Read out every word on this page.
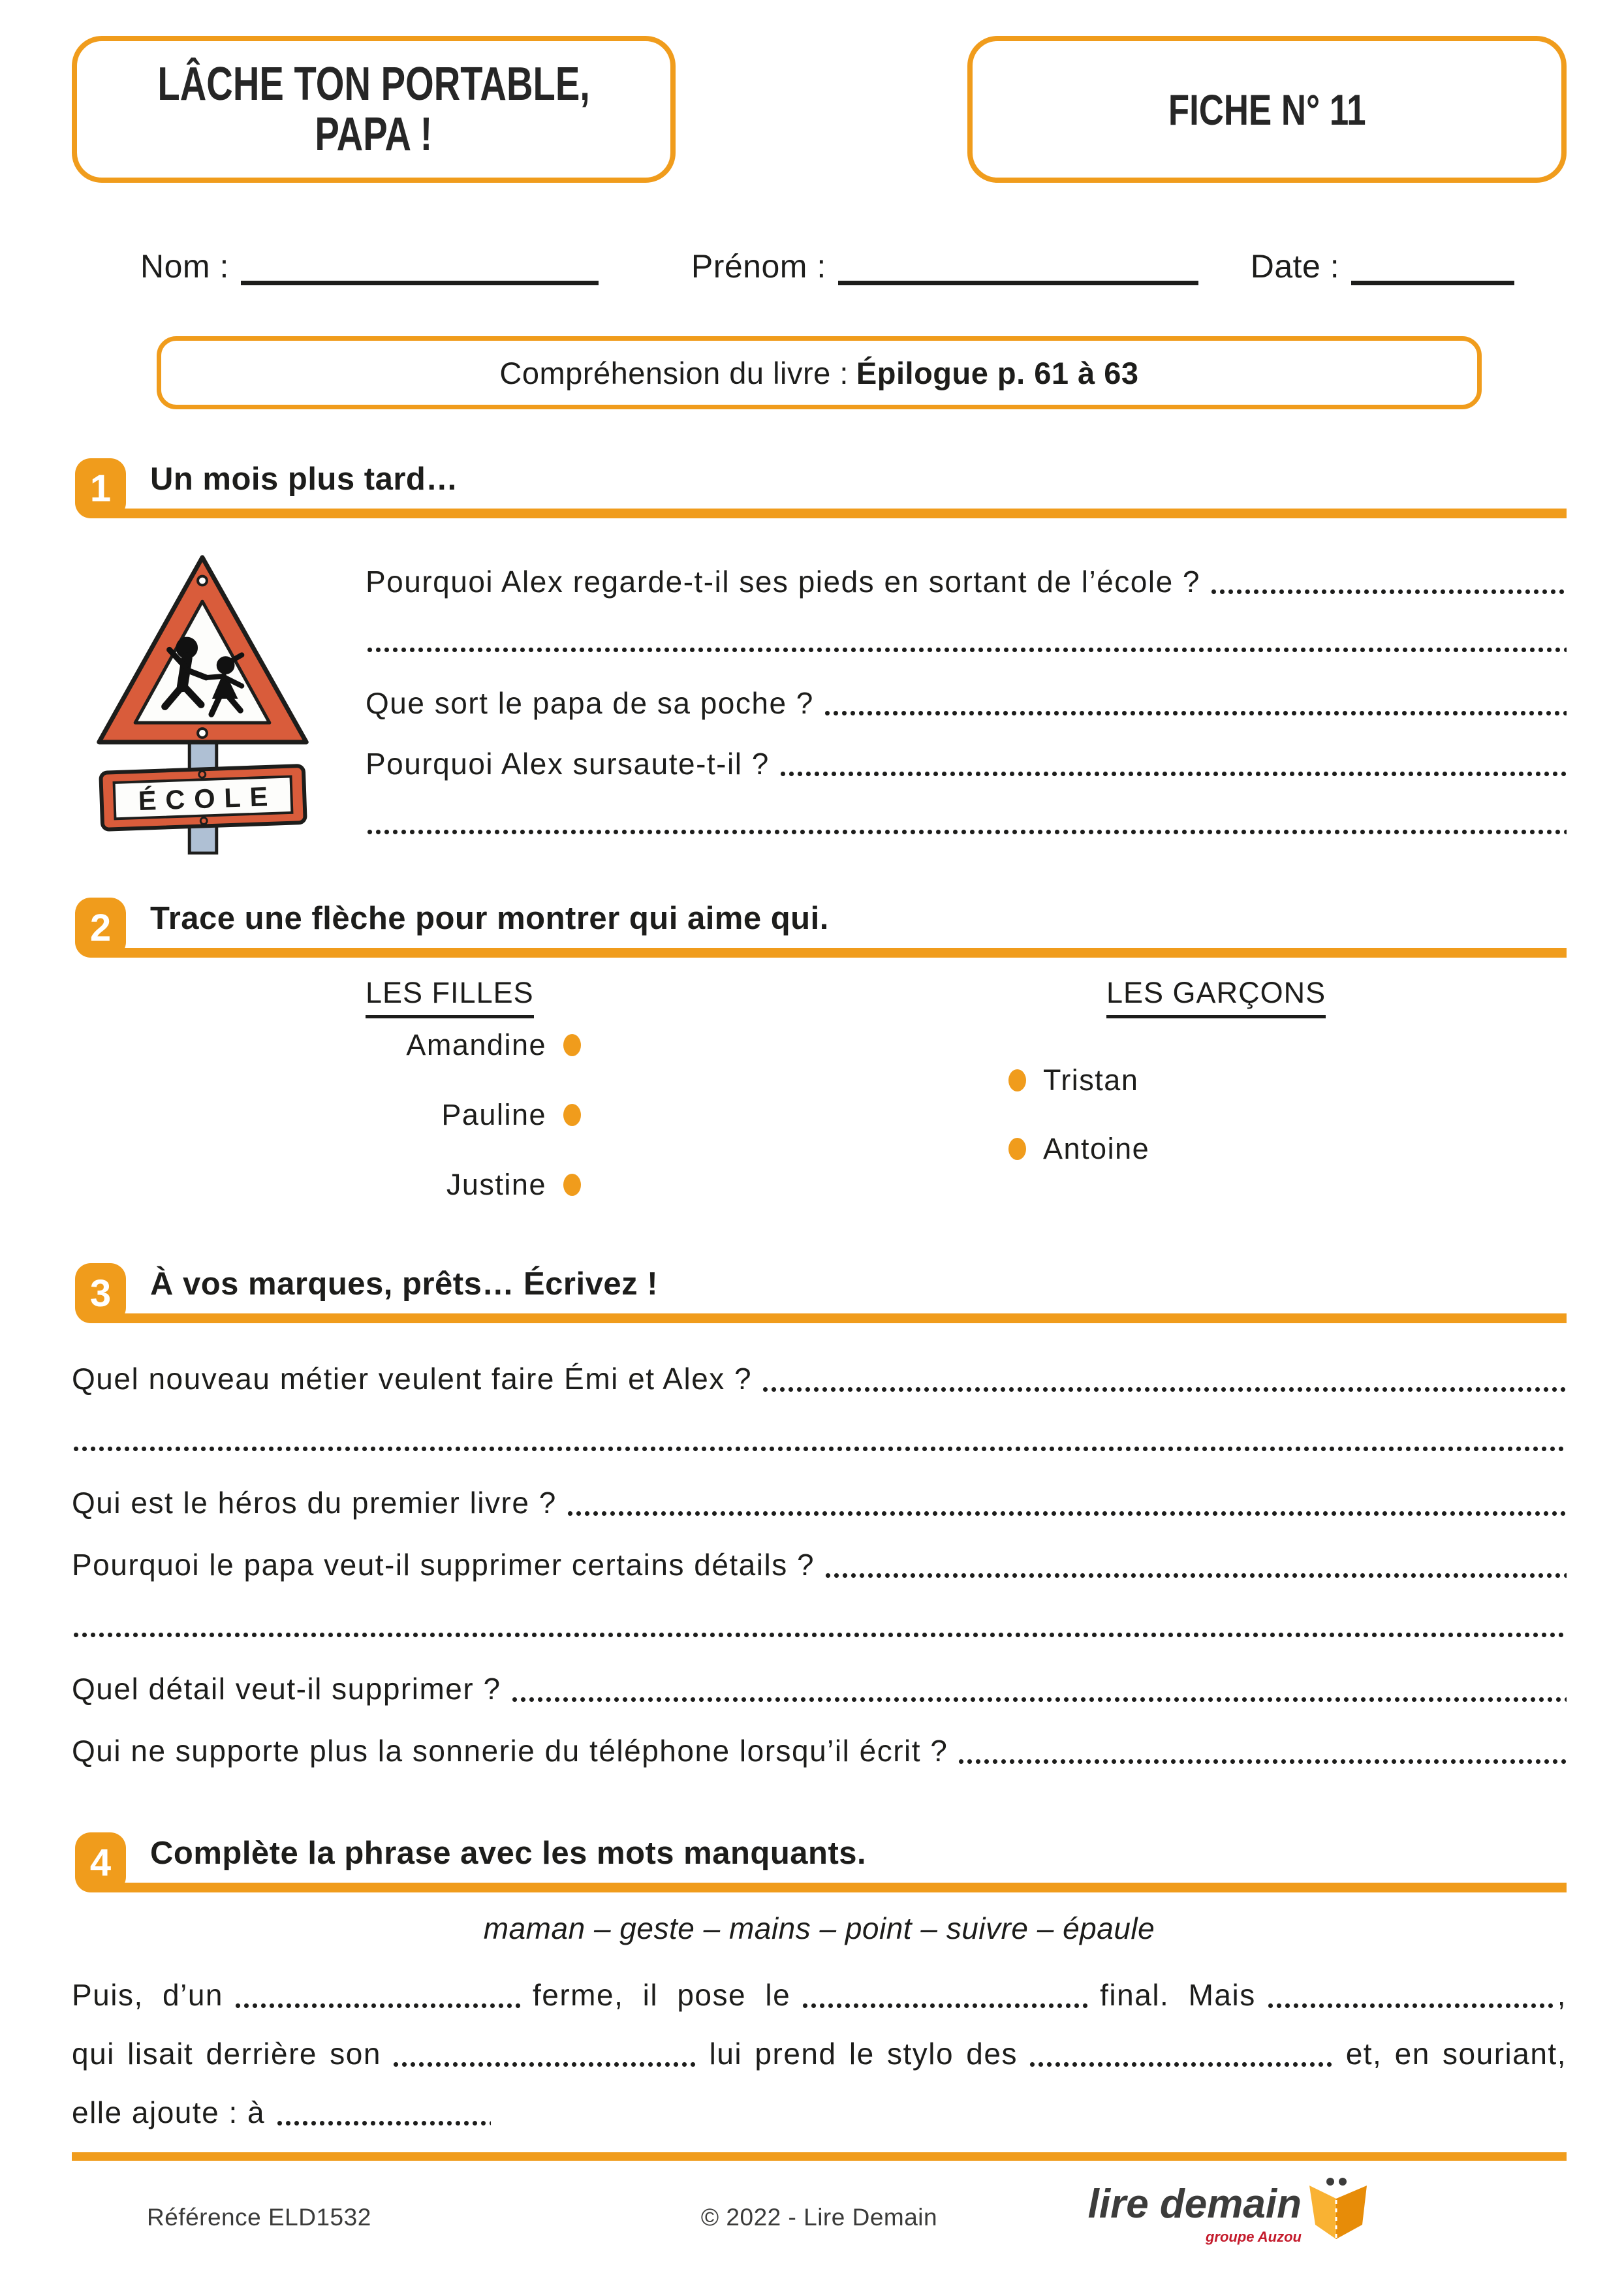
LÂCHE TON PORTABLE,
PAPA !	FICHE N° 11
Nom :	Prénom :	Date :
Compréhension du livre : Épilogue p. 61 à 63
1	Un mois plus tard…
ÉCOLE
Pourquoi Alex regarde-t-il ses pieds en sortant de l’école ?
Que sort le papa de sa poche ?
Pourquoi Alex sursaute-t-il ?
2	Trace une flèche pour montrer qui aime qui.
LES FILLES	LES GARÇONS
Amandine
Pauline
Justine
Tristan
Antoine
3	À vos marques, prêts… Écrivez !
Quel nouveau métier veulent faire Émi et Alex ?
Qui est le héros du premier livre ?
Pourquoi le papa veut-il supprimer certains détails ?
Quel détail veut-il supprimer ?
Qui ne supporte plus la sonnerie du téléphone lorsqu’il écrit ?
4	Complète la phrase avec les mots manquants.
maman – geste – mains – point – suivre – épaule
Puis, d’un	ferme, il pose le	final. Mais	,
qui lisait derrière son	lui prend le stylo des	et, en souriant,
elle ajoute : à
Référence ELD1532	© 2022 - Lire Demain	lire demain
groupe Auzou
